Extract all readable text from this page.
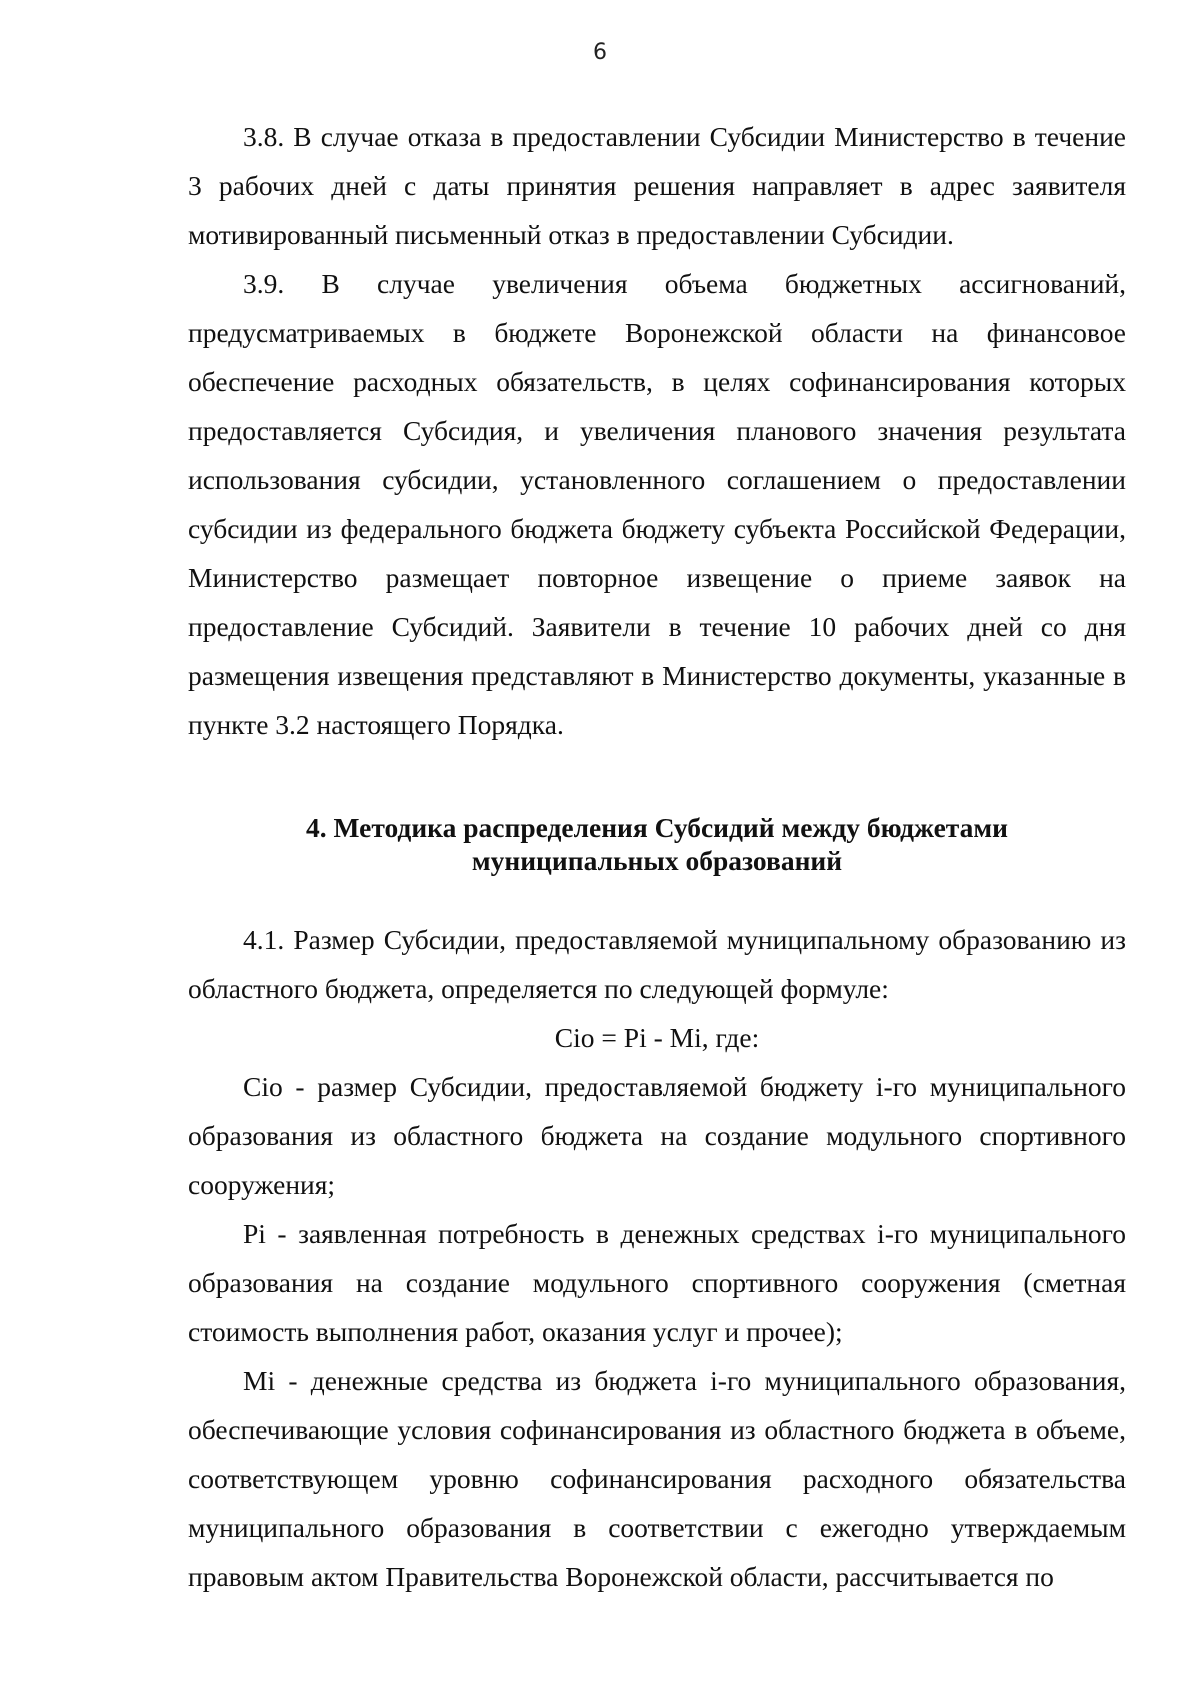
6

3.8. В случае отказа в предоставлении Субсидии Министерство в течение 3 рабочих дней с даты принятия решения направляет в адрес заявителя мотивированный письменный отказ в предоставлении Субсидии.

3.9. В случае увеличения объема бюджетных ассигнований, предусматриваемых в бюджете Воронежской области на финансовое обеспечение расходных обязательств, в целях софинансирования которых предоставляется Субсидия, и увеличения планового значения результата использования субсидии, установленного соглашением о предоставлении субсидии из федерального бюджета бюджету субъекта Российской Федерации, Министерство размещает повторное извещение о приеме заявок на предоставление Субсидий. Заявители в течение 10 рабочих дней со дня размещения извещения представляют в Министерство документы, указанные в пункте 3.2 настоящего Порядка.

4. Методика распределения Субсидий между бюджетами
муниципальных образований

4.1. Размер Субсидии, предоставляемой муниципальному образованию из областного бюджета, определяется по следующей формуле:

Cio = Pi - Mi, где:

Cio - размер Субсидии, предоставляемой бюджету i-го муниципального образования из областного бюджета на создание модульного спортивного сооружения;

Pi - заявленная потребность в денежных средствах i-го муниципального образования на создание модульного спортивного сооружения (сметная стоимость выполнения работ, оказания услуг и прочее);

Mi - денежные средства из бюджета i-го муниципального образования, обеспечивающие условия софинансирования из областного бюджета в объеме, соответствующем уровню софинансирования расходного обязательства муниципального образования в соответствии с ежегодно утверждаемым правовым актом Правительства Воронежской области, рассчитывается по
